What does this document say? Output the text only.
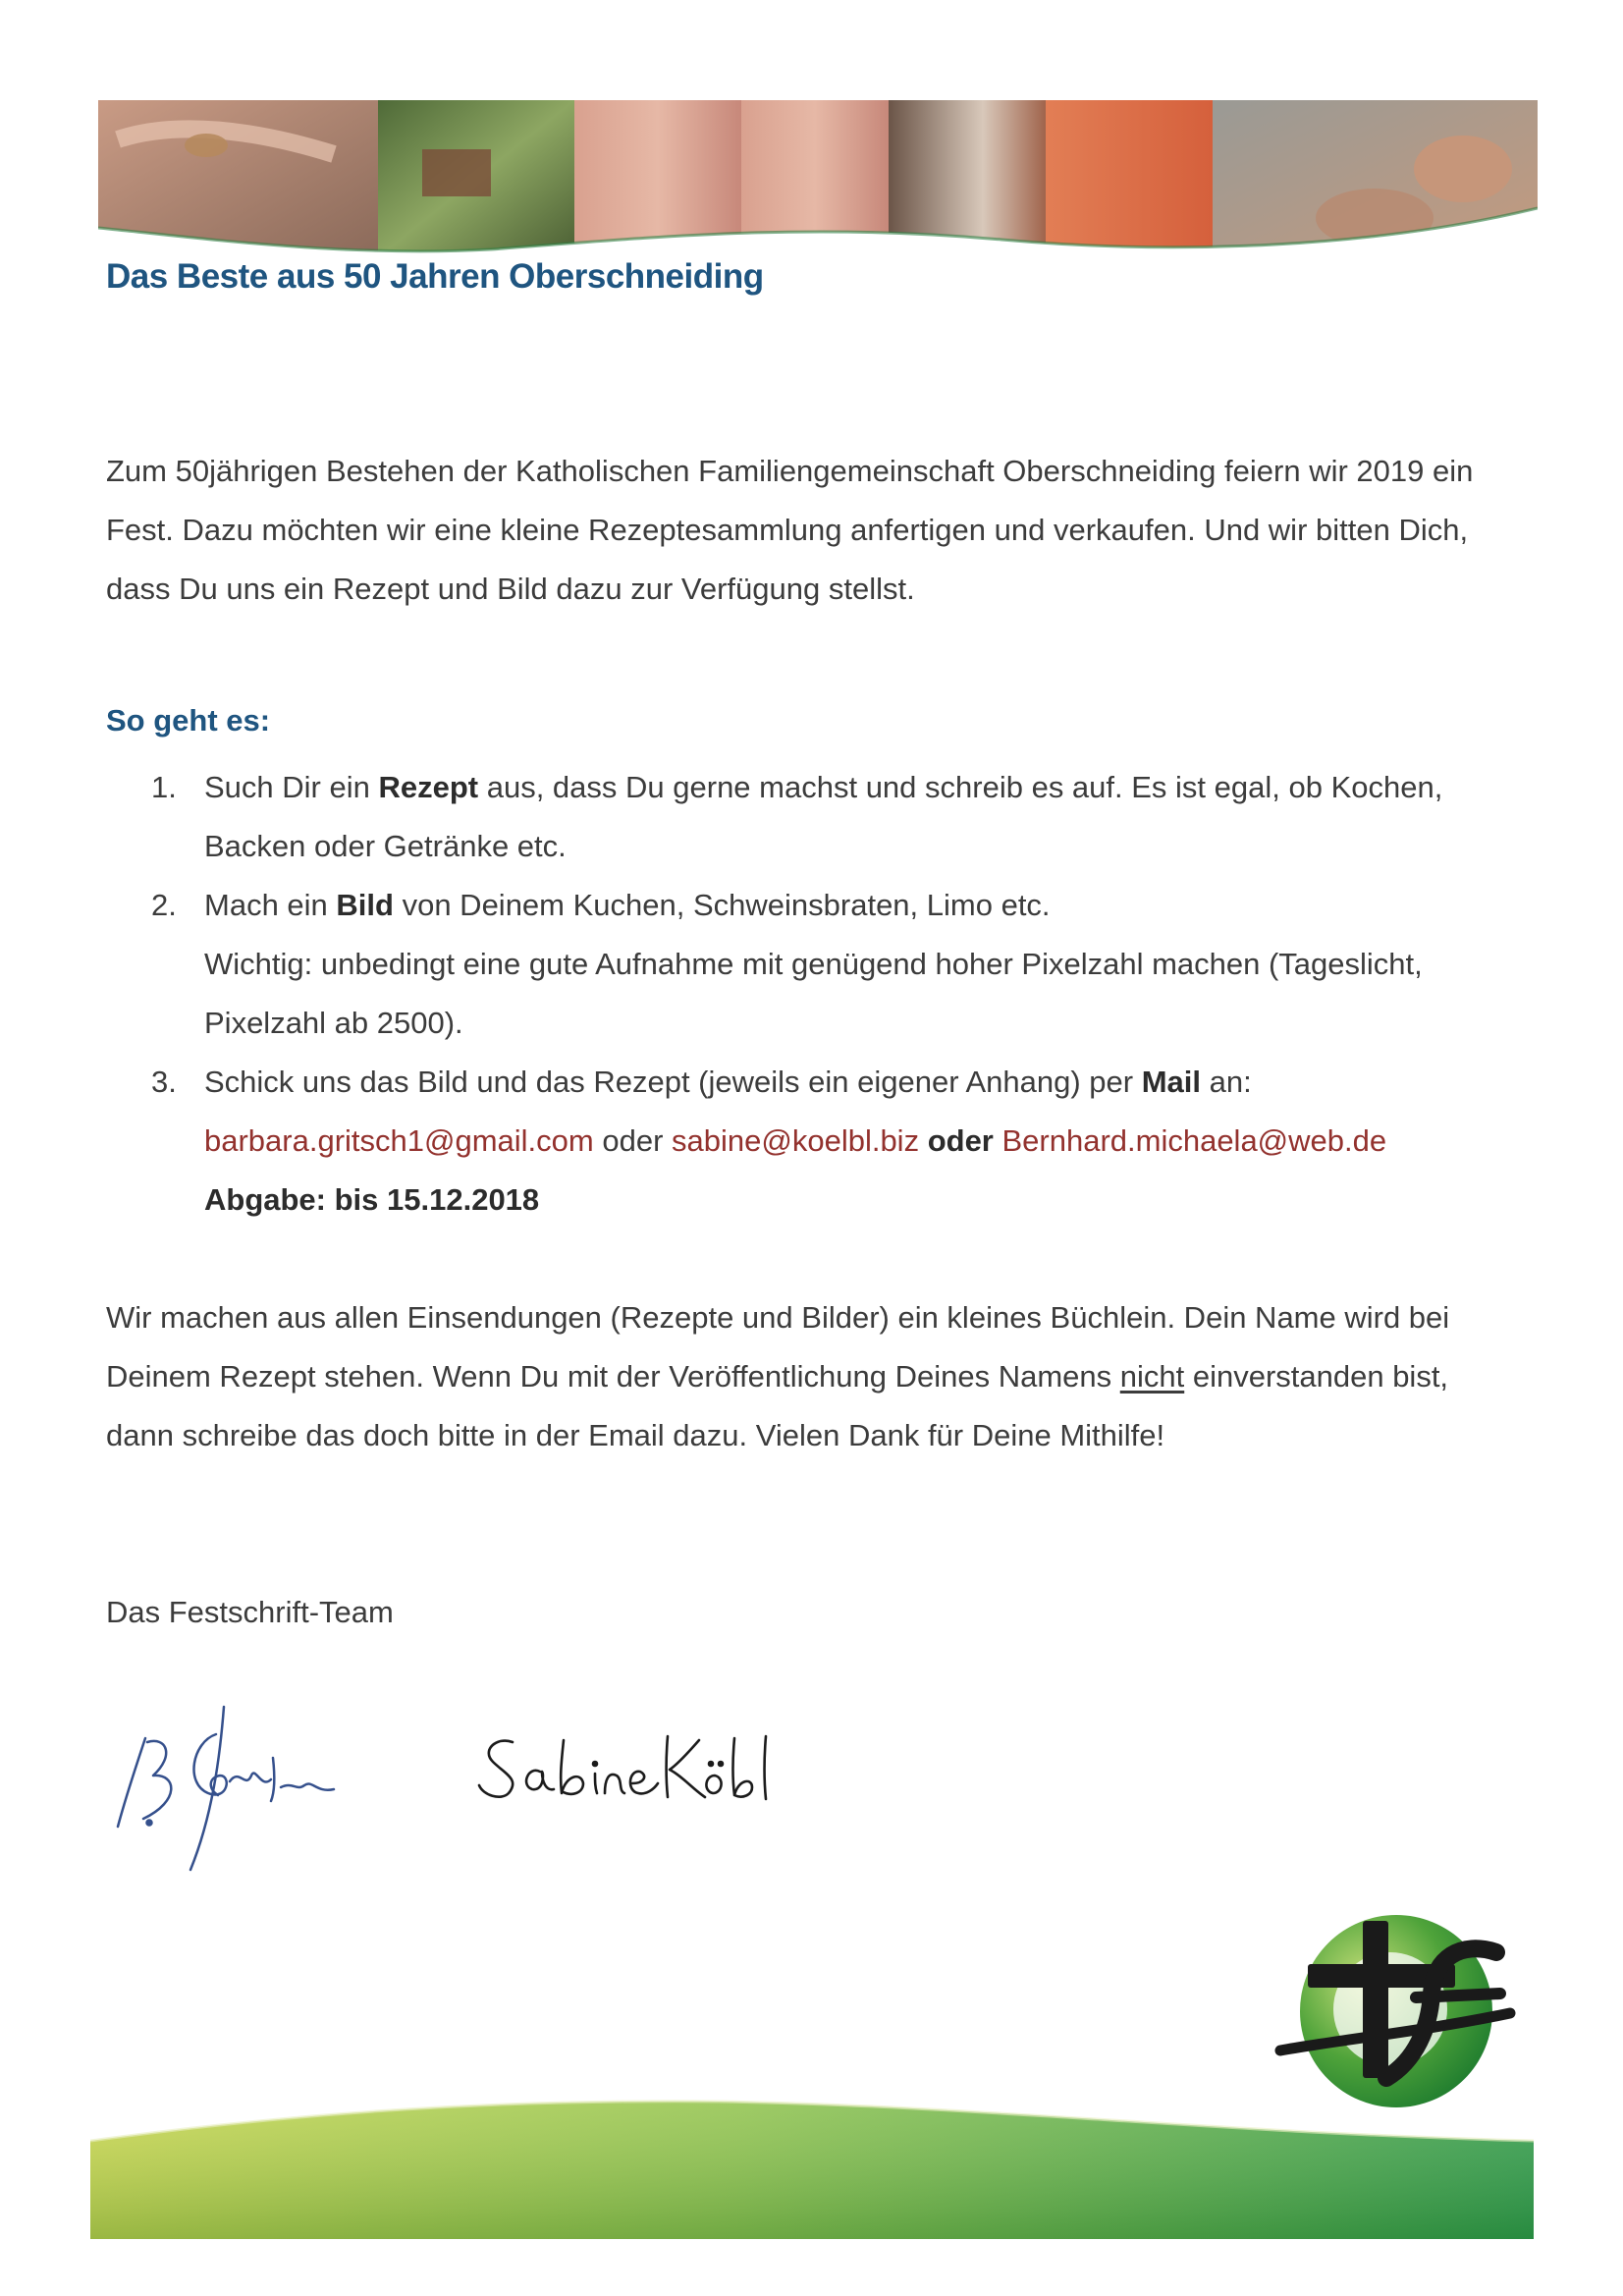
Das Beste aus 50 Jahren Oberschneiding

Zum 50jährigen Bestehen der Katholischen Familiengemeinschaft Oberschneiding feiern wir 2019 ein Fest. Dazu möchten wir eine kleine Rezeptesammlung anfertigen und verkaufen. Und wir bitten Dich, dass Du uns ein Rezept und Bild dazu zur Verfügung stellst.

So geht es:
1. Such Dir ein Rezept aus, dass Du gerne machst und schreib es auf. Es ist egal, ob Kochen, Backen oder Getränke etc.
2. Mach ein Bild von Deinem Kuchen, Schweinsbraten, Limo etc.
Wichtig: unbedingt eine gute Aufnahme mit genügend hoher Pixelzahl machen (Tageslicht, Pixelzahl ab 2500).
3. Schick uns das Bild und das Rezept (jeweils ein eigener Anhang) per Mail an:
barbara.gritsch1@gmail.com oder sabine@koelbl.biz oder Bernhard.michaela@web.de
Abgabe: bis 15.12.2018

Wir machen aus allen Einsendungen (Rezepte und Bilder) ein kleines Büchlein. Dein Name wird bei Deinem Rezept stehen. Wenn Du mit der Veröffentlichung Deines Namens nicht einverstanden bist, dann schreibe das doch bitte in der Email dazu. Vielen Dank für Deine Mithilfe!

Das Festschrift-Team
